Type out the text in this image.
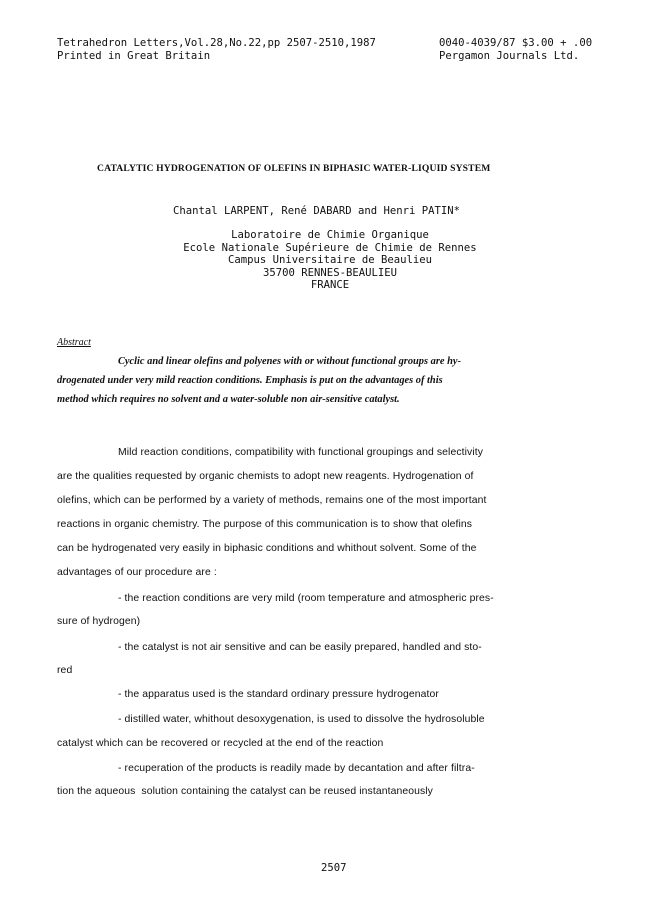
Tetrahedron Letters,Vol.28,No.22,pp 2507-2510,1987
Printed in Great Britain
0040-4039/87 $3.00 + .00
Pergamon Journals Ltd.
CATALYTIC HYDROGENATION OF OLEFINS IN BIPHASIC WATER-LIQUID SYSTEM
Chantal LARPENT, René DABARD and Henri PATIN*
Laboratoire de Chimie Organique
Ecole Nationale Supérieure de Chimie de Rennes
Campus Universitaire de Beaulieu
35700 RENNES-BEAULIEU
FRANCE
Abstract
Cyclic and linear olefins and polyenes with or without functional groups are hy-
drogenated under very mild reaction conditions. Emphasis is put on the advantages of this
method which requires no solvent and a water-soluble non air-sensitive catalyst.
Mild reaction conditions, compatibility with functional groupings and selectivity
are the qualities requested by organic chemists to adopt new reagents. Hydrogenation of
olefins, which can be performed by a variety of methods, remains one of the most important
reactions in organic chemistry. The purpose of this communication is to show that olefins
can be hydrogenated very easily in biphasic conditions and whithout solvent. Some of the
advantages of our procedure are :
- the reaction conditions are very mild (room temperature and atmospheric pres-
sure of hydrogen)
- the catalyst is not air sensitive and can be easily prepared, handled and sto-
red
- the apparatus used is the standard ordinary pressure hydrogenator
- distilled water, whithout desoxygenation, is used to dissolve the hydrosoluble
catalyst which can be recovered or recycled at the end of the reaction
- recuperation of the products is readily made by decantation and after filtra-
tion the aqueous  solution containing the catalyst can be reused instantaneously
2507
